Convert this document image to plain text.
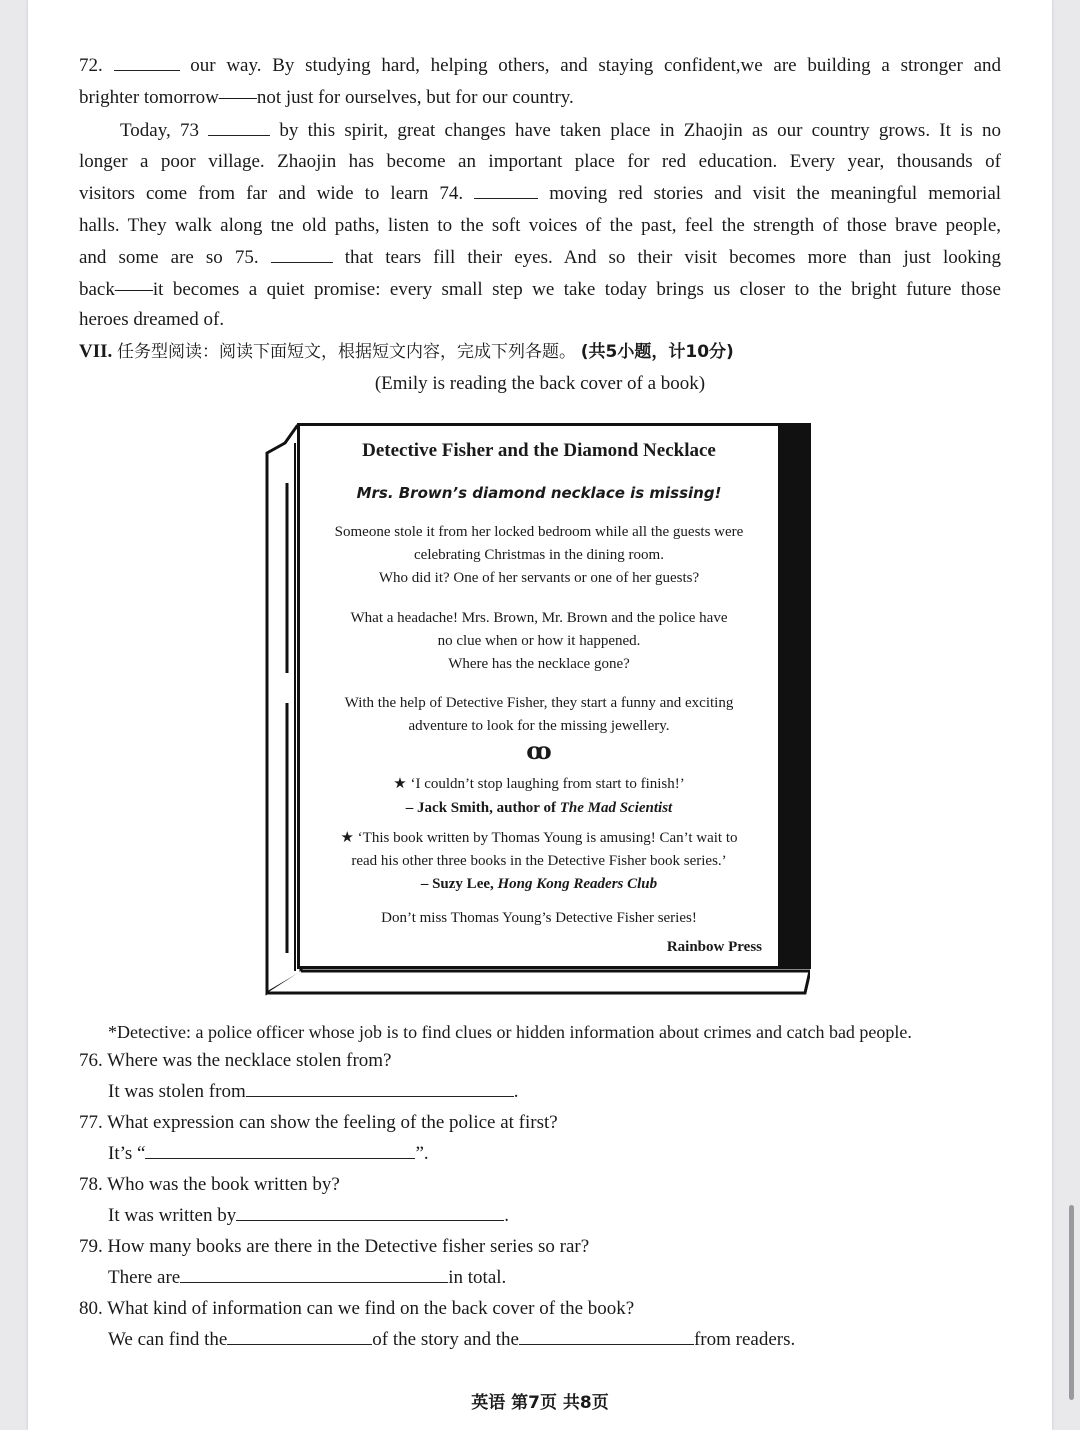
72.	our way. By studying hard, helping others, and staying confident,we are building a stronger and
brighter tomorrow——not just for ourselves, but for our country.
Today, 73	by this spirit, great changes have taken place in Zhaojin as our country grows. It is no
longer a poor village. Zhaojin has become an important place for red education. Every year, thousands of
visitors come from far and wide to learn 74.	moving red stories and visit the meaningful memorial
halls. They walk along tne old paths, listen to the soft voices of the past, feel the strength of those brave people,
and some are so 75.	that tears fill their eyes. And so their visit becomes more than just looking
back——it becomes a quiet promise: every small step we take today brings us closer to the bright future those
heroes dreamed of.
VII. 任务型阅读：阅读下面短文，根据短文内容，完成下列各题。 (共5小题，计10分)
(Emily is reading the back cover of a book)
Detective Fisher and the Diamond Necklace
Mrs. Brown’s diamond necklace is missing!
Someone stole it from her locked bedroom while all the guests were
celebrating Christmas in the dining room.
Who did it? One of her servants or one of her guests?
What a headache! Mrs. Brown, Mr. Brown and the police have
no clue when or how it happened.
Where has the necklace gone?
With the help of Detective Fisher, they start a funny and exciting
adventure to look for the missing jewellery.
ꝏ
★ ‘I couldn’t stop laughing from start to finish!’
– Jack Smith, author of The Mad Scientist
★ ‘This book written by Thomas Young is amusing! Can’t wait to
read his other three books in the Detective Fisher book series.’
– Suzy Lee, Hong Kong Readers Club
Don’t miss Thomas Young’s Detective Fisher series!
Rainbow Press
*Detective: a police officer whose job is to find clues or hidden information about crimes and catch bad people.
76. Where was the necklace stolen from?
It was stolen from	.
77. What expression can show the feeling of the police at first?
It’s “	”.
78. Who was the book written by?
It was written by	.
79. How many books are there in the Detective fisher series so rar?
There are	in total.
80. What kind of information can we find on the back cover of the book?
We can find the	of the story and the	from readers.
英语 第7页 共8页
